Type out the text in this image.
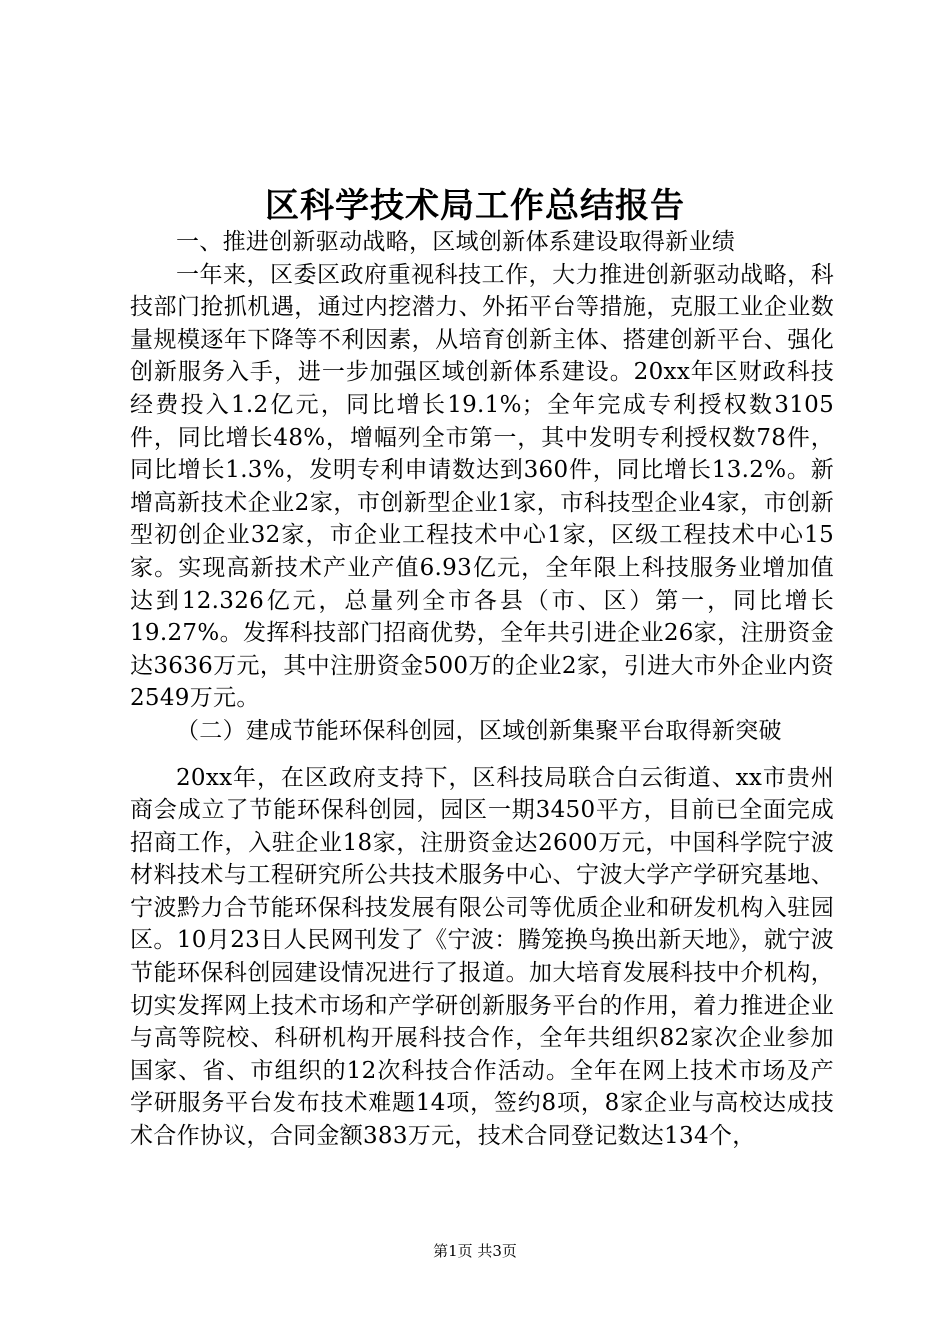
区科学技术局工作总结报告

一、推进创新驱动战略，区域创新体系建设取得新业绩

一年来，区委区政府重视科技工作，大力推进创新驱动战略，科技部门抢抓机遇，通过内挖潜力、外拓平台等措施，克服工业企业数量规模逐年下降等不利因素，从培育创新主体、搭建创新平台、强化创新服务入手，进一步加强区域创新体系建设。20xx年区财政科技经费投入1.2亿元，同比增长19.1%；全年完成专利授权数3105件，同比增长48%，增幅列全市第一，其中发明专利授权数78件，同比增长1.3%，发明专利申请数达到360件，同比增长13.2%。新增高新技术企业2家，市创新型企业1家，市科技型企业4家，市创新型初创企业32家，市企业工程技术中心1家，区级工程技术中心15家。实现高新技术产业产值6.93亿元，全年限上科技服务业增加值达到12.326亿元，总量列全市各县（市、区）第一，同比增长19.27%。发挥科技部门招商优势，全年共引进企业26家，注册资金达3636万元，其中注册资金500万的企业2家，引进大市外企业内资2549万元。

（二）建成节能环保科创园，区域创新集聚平台取得新突破

20xx年，在区政府支持下，区科技局联合白云街道、xx市贵州商会成立了节能环保科创园，园区一期3450平方，目前已全面完成招商工作，入驻企业18家，注册资金达2600万元，中国科学院宁波材料技术与工程研究所公共技术服务中心、宁波大学产学研究基地、宁波黔力合节能环保科技发展有限公司等优质企业和研发机构入驻园区。10月23日人民网刊发了《宁波：腾笼换鸟换出新天地》，就宁波节能环保科创园建设情况进行了报道。加大培育发展科技中介机构，切实发挥网上技术市场和产学研创新服务平台的作用，着力推进企业与高等院校、科研机构开展科技合作，全年共组织82家次企业参加国家、省、市组织的12次科技合作活动。全年在网上技术市场及产学研服务平台发布技术难题14项，签约8项，8家企业与高校达成技术合作协议，合同金额383万元，技术合同登记数达134个，

第1页 共3页
